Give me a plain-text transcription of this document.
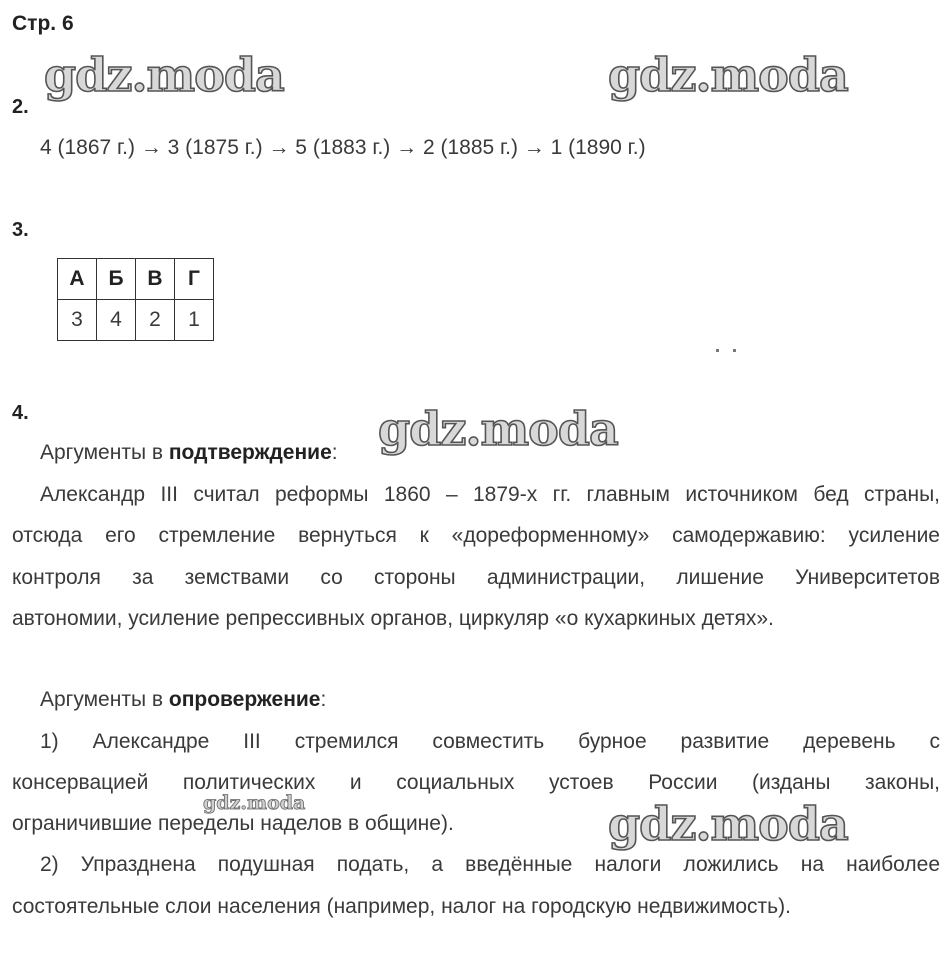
Стр. 6
gdz.moda	gdz.moda
2.
4 (1867 г.) → 3 (1875 г.) → 5 (1883 г.) → 2 (1885 г.) → 1 (1890 г.)
3.
А	Б	В	Г
3	4	2	1
4.	gdz.moda
Аргументы в подтверждение:
Александр III считал реформы 1860 – 1879-х гг. главным источником бед страны,
отсюда его стремление вернуться к «дореформенному» самодержавию: усиление
контроля за земствами со стороны администрации, лишение Университетов
автономии, усиление репрессивных органов, циркуляр «о кухаркиных детях».
Аргументы в опровержение:
1) Александре III стремился совместить бурное развитие деревень с
консервацией политических и социальных устоев России (изданы законы,
gdz.moda
ограничившие переделы наделов в общине).	gdz.moda
2) Упразднена подушная подать, а введённые налоги ложились на наиболее
состоятельные слои населения (например, налог на городскую недвижимость).
